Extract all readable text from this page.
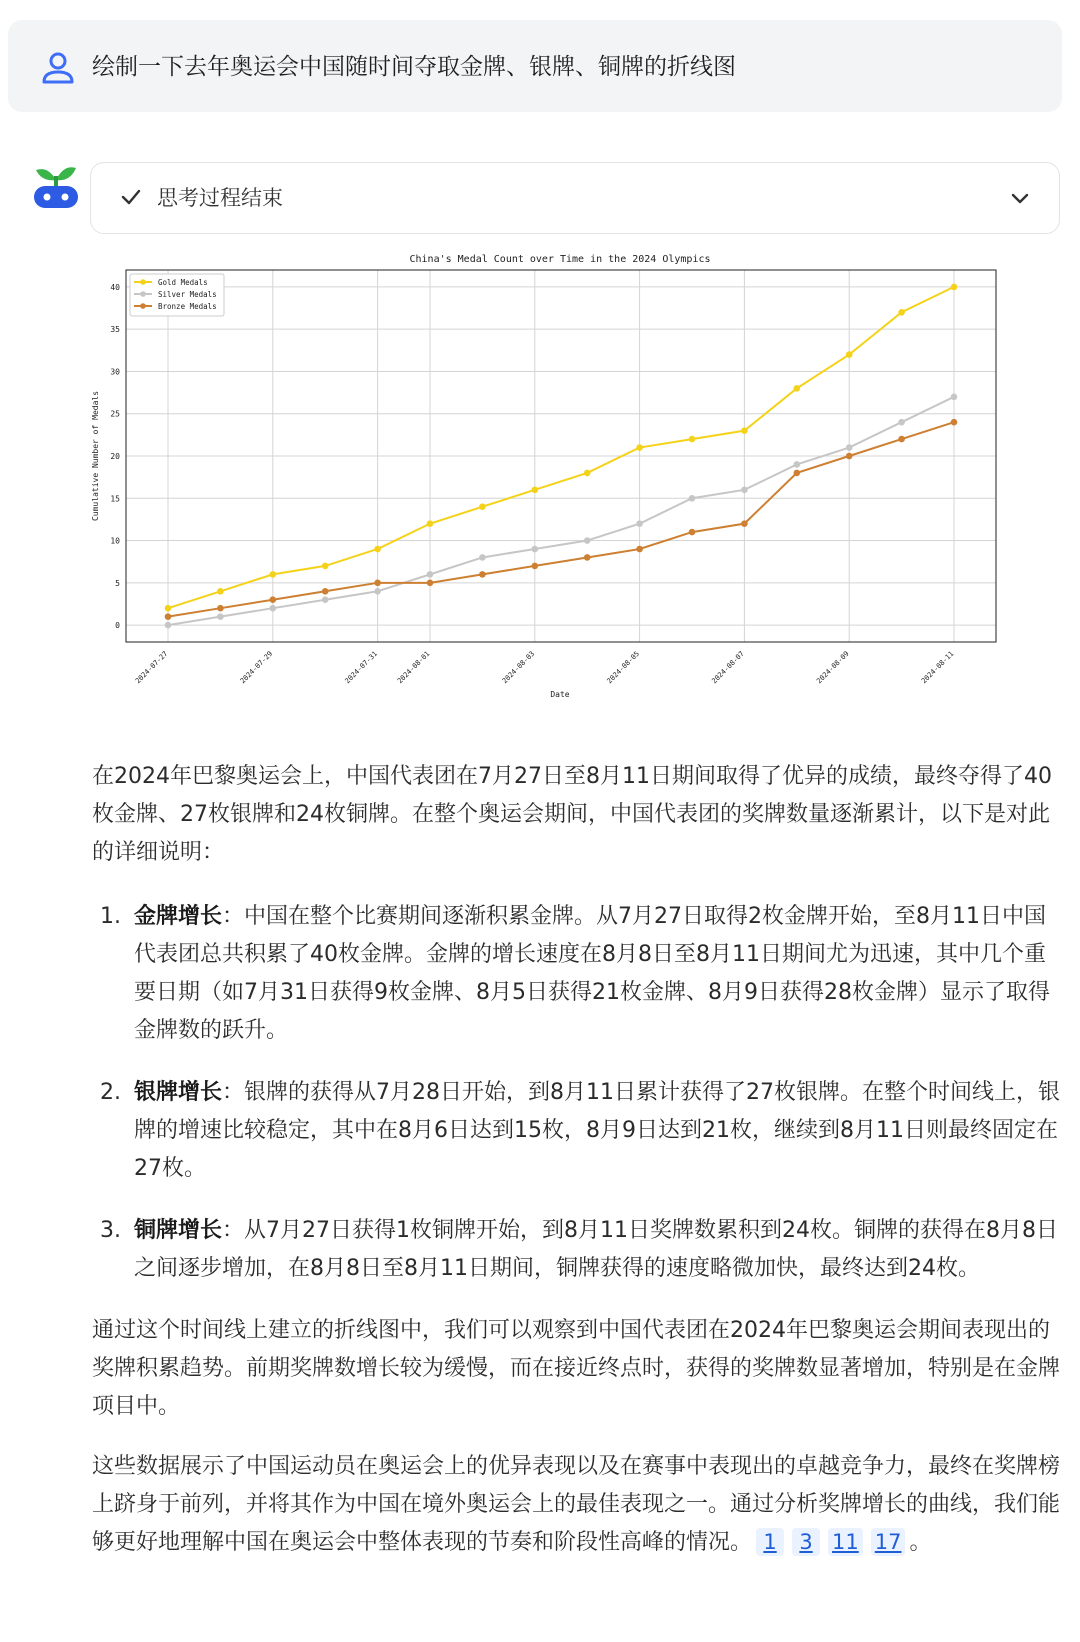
绘制一下去年奥运会中国随时间夺取金牌、银牌、铜牌的折线图
思考过程结束
China's Medal Count over Time in the 2024 Olympics
0
5
10
15
20
25
30
35
40
2024-07-27	2024-07-29	2024-07-31 2024-08-01	2024-08-03	2024-08-05	2024-08-07	2024-08-09	2024-08-11
Date
Cumulative Number of Medals
Gold Medals
Silver Medals
Bronze Medals

在2024年巴黎奥运会上，中国代表团在7月27日至8月11日期间取得了优异的成绩，最终夺得了40枚金牌、27枚银牌和24枚铜牌。在整个奥运会期间，中国代表团的奖牌数量逐渐累计，以下是对此的详细说明：

1. 金牌增长：中国在整个比赛期间逐渐积累金牌。从7月27日取得2枚金牌开始，至8月11日中国代表团总共积累了40枚金牌。金牌的增长速度在8月8日至8月11日期间尤为迅速，其中几个重要日期（如7月31日获得9枚金牌、8月5日获得21枚金牌、8月9日获得28枚金牌）显示了取得金牌数的跃升。
2. 银牌增长：银牌的获得从7月28日开始，到8月11日累计获得了27枚银牌。在整个时间线上，银牌的增速比较稳定，其中在8月6日达到15枚，8月9日达到21枚，继续到8月11日则最终固定在27枚。
3. 铜牌增长：从7月27日获得1枚铜牌开始，到8月11日奖牌数累积到24枚。铜牌的获得在8月8日之间逐步增加，在8月8日至8月11日期间，铜牌获得的速度略微加快，最终达到24枚。

通过这个时间线上建立的折线图中，我们可以观察到中国代表团在2024年巴黎奥运会期间表现出的奖牌积累趋势。前期奖牌数增长较为缓慢，而在接近终点时，获得的奖牌数显著增加，特别是在金牌项目中。

这些数据展示了中国运动员在奥运会上的优异表现以及在赛事中表现出的卓越竞争力，最终在奖牌榜上跻身于前列，并将其作为中国在境外奥运会上的最佳表现之一。通过分析奖牌增长的曲线，我们能够更好地理解中国在奥运会中整体表现的节奏和阶段性高峰的情况。 1 3 11 17 。
